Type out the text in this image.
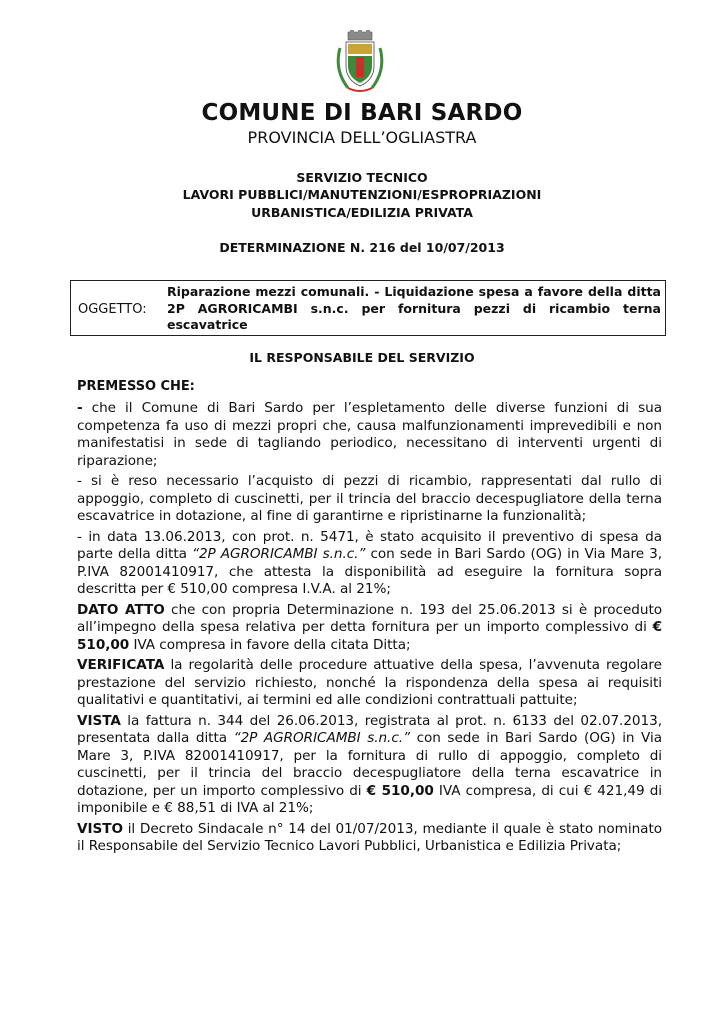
COMUNE DI BARI SARDO
PROVINCIA DELL’OGLIASTRA
SERVIZIO TECNICO
LAVORI PUBBLICI/MANUTENZIONI/ESPROPRIAZIONI
URBANISTICA/EDILIZIA PRIVATA
DETERMINAZIONE N. 216 del 10/07/2013
OGGETTO:
Riparazione mezzi comunali. - Liquidazione spesa a favore della ditta 2P AGRORICAMBI s.n.c. per fornitura pezzi di ricambio terna escavatrice
IL RESPONSABILE DEL SERVIZIO
PREMESSO CHE:

- che il Comune di Bari Sardo per l’espletamento delle diverse funzioni di sua competenza fa uso di mezzi propri che, causa malfunzionamenti imprevedibili e non manifestatisi in sede di tagliando periodico, necessitano di interventi urgenti di riparazione;

- si è reso necessario l’acquisto di pezzi di ricambio, rappresentati dal rullo di appoggio, completo di cuscinetti, per il trincia del braccio decespugliatore della terna escavatrice in dotazione, al fine di garantirne e ripristinarne la funzionalità;

- in data 13.06.2013, con prot. n. 5471, è stato acquisito il preventivo di spesa da parte della ditta “2P AGRORICAMBI s.n.c.” con sede in Bari Sardo (OG) in Via Mare 3, P.IVA 82001410917, che attesta la disponibilità ad eseguire la fornitura sopra descritta per € 510,00 compresa I.V.A. al 21%;

DATO ATTO che con propria Determinazione n. 193 del 25.06.2013 si è proceduto all’impegno della spesa relativa per detta fornitura per un importo complessivo di € 510,00 IVA compresa in favore della citata Ditta;

VERIFICATA la regolarità delle procedure attuative della spesa, l’avvenuta regolare prestazione del servizio richiesto, nonché la rispondenza della spesa ai requisiti qualitativi e quantitativi, ai termini ed alle condizioni contrattuali pattuite;

VISTA la fattura n. 344 del 26.06.2013, registrata al prot. n. 6133 del 02.07.2013, presentata dalla ditta “2P AGRORICAMBI s.n.c.” con sede in Bari Sardo (OG) in Via Mare 3, P.IVA 82001410917, per la fornitura di rullo di appoggio, completo di cuscinetti, per il trincia del braccio decespugliatore della terna escavatrice in dotazione, per un importo complessivo di € 510,00 IVA compresa, di cui € 421,49 di imponibile e € 88,51 di IVA al 21%;

VISTO il Decreto Sindacale n° 14 del 01/07/2013, mediante il quale è stato nominato il Responsabile del Servizio Tecnico Lavori Pubblici, Urbanistica e Edilizia Privata;
